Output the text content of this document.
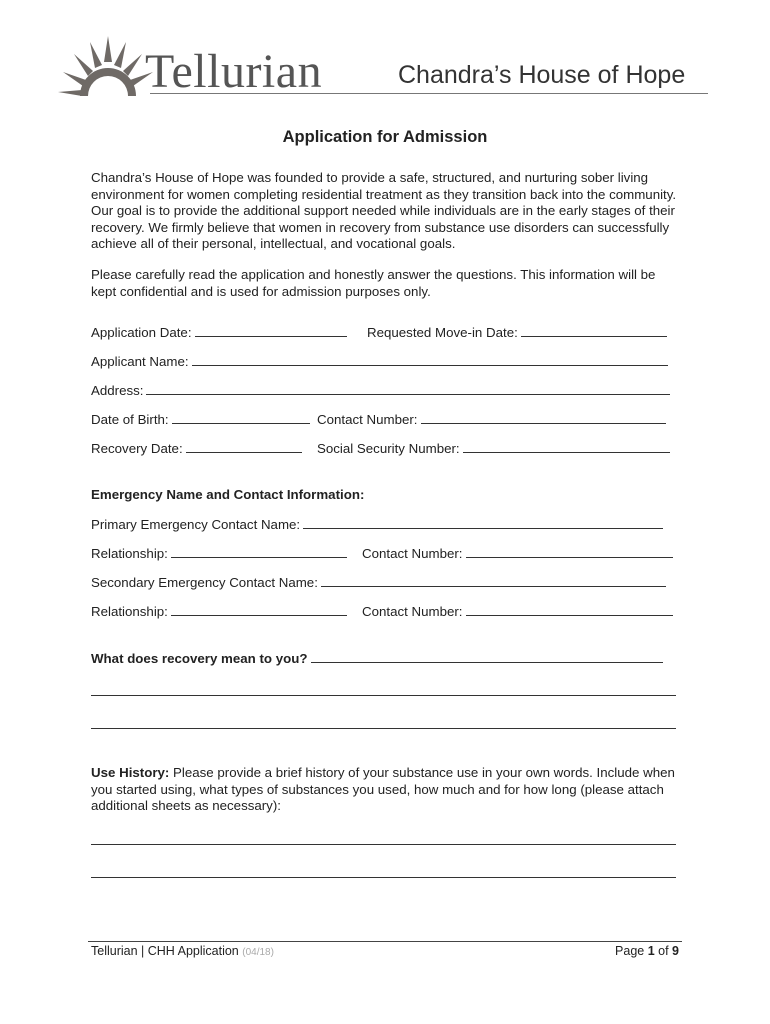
Tellurian	Chandra’s House of Hope
Application for Admission

Chandra’s House of Hope was founded to provide a safe, structured, and nurturing sober living environment for women completing residential treatment as they transition back into the community. Our goal is to provide the additional support needed while individuals are in the early stages of their recovery. We firmly believe that women in recovery from substance use disorders can successfully achieve all of their personal, intellectual, and vocational goals.

Please carefully read the application and honestly answer the questions. This information will be kept confidential and is used for admission purposes only.

Application Date:	Requested Move-in Date:
Applicant Name:
Address:
Date of Birth:	Contact Number:
Recovery Date:	Social Security Number:
Emergency Name and Contact Information:
Primary Emergency Contact Name:
Relationship:	Contact Number:
Secondary Emergency Contact Name:
Relationship:	Contact Number:
What does recovery mean to you?

Use History: Please provide a brief history of your substance use in your own words. Include when you started using, what types of substances you used, how much and for how long (please attach additional sheets as necessary):

Tellurian | CHH Application (04/18)	Page 1 of 9
